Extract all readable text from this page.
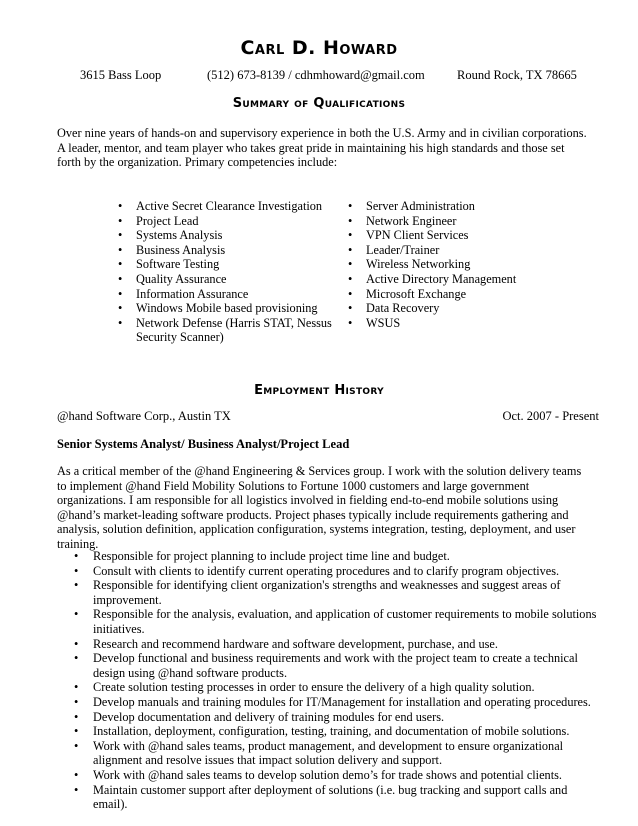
Carl D. Howard
3615 Bass Loop	(512) 673-8139 / cdhmhoward@gmail.com	Round Rock, TX 78665
Summary of Qualifications
Over nine years of hands-on and supervisory experience in both the U.S. Army and in civilian corporations. A leader, mentor, and team player who takes great pride in maintaining his high standards and those set forth by the organization. Primary competencies include:
• Active Secret Clearance Investigation
• Project Lead
• Systems Analysis
• Business Analysis
• Software Testing
• Quality Assurance
• Information Assurance
• Windows Mobile based provisioning
• Network Defense (Harris STAT, Nessus Security Scanner)
• Server Administration
• Network Engineer
• VPN Client Services
• Leader/Trainer
• Wireless Networking
• Active Directory Management
• Microsoft Exchange
• Data Recovery
• WSUS
Employment History
@hand Software Corp., Austin TX	Oct. 2007 - Present
Senior Systems Analyst/ Business Analyst/Project Lead
As a critical member of the @hand Engineering & Services group. I work with the solution delivery teams to implement @hand Field Mobility Solutions to Fortune 1000 customers and large government organizations. I am responsible for all logistics involved in fielding end-to-end mobile solutions using @hand’s market-leading software products. Project phases typically include requirements gathering and analysis, solution definition, application configuration, systems integration, testing, deployment, and user training.
• Responsible for project planning to include project time line and budget.
• Consult with clients to identify current operating procedures and to clarify program objectives.
• Responsible for identifying client organization's strengths and weaknesses and suggest areas of improvement.
• Responsible for the analysis, evaluation, and application of customer requirements to mobile solutions initiatives.
• Research and recommend hardware and software development, purchase, and use.
• Develop functional and business requirements and work with the project team to create a technical design using @hand software products.
• Create solution testing processes in order to ensure the delivery of a high quality solution.
• Develop manuals and training modules for IT/Management for installation and operating procedures.
• Develop documentation and delivery of training modules for end users.
• Installation, deployment, configuration, testing, training, and documentation of mobile solutions.
• Work with @hand sales teams, product management, and development to ensure organizational alignment and resolve issues that impact solution delivery and support.
• Work with @hand sales teams to develop solution demo’s for trade shows and potential clients.
• Maintain customer support after deployment of solutions (i.e. bug tracking and support calls and email).
